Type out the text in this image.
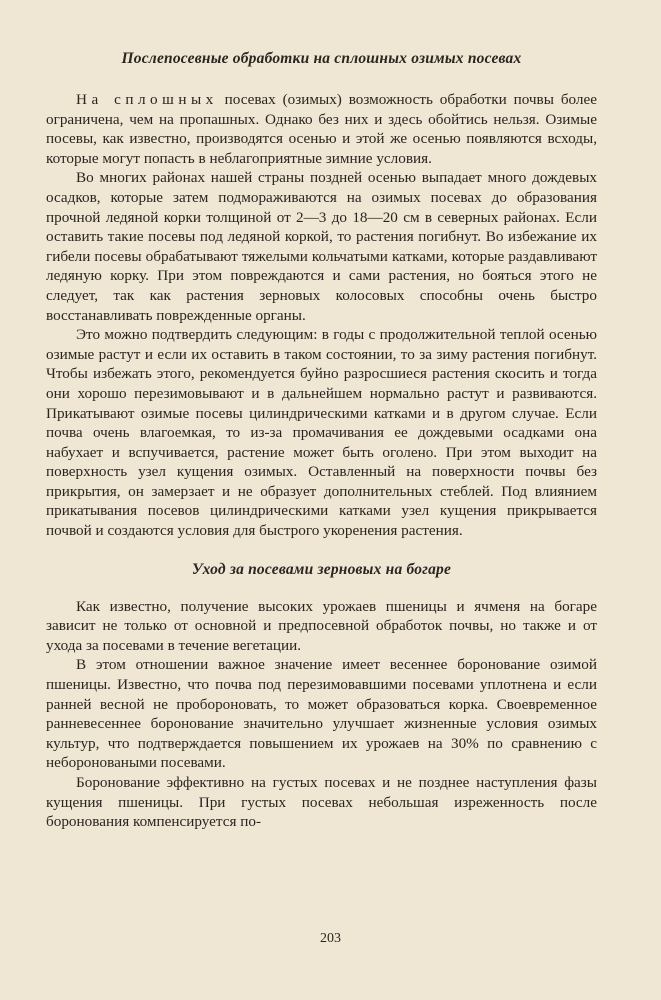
Послепосевные обработки на сплошных озимых посевах

На сплошных посевах (озимых) возможность обработки почвы более ограничена, чем на пропашных. Однако без них и здесь обойтись нельзя. Озимые посевы, как известно, производятся осенью и этой же осенью появляются всходы, которые могут попасть в неблагоприятные зимние условия.

Во многих районах нашей страны поздней осенью выпадает много дождевых осадков, которые затем подмораживаются на озимых посевах до образования прочной ледяной корки толщиной от 2—3 до 18—20 см в северных районах. Если оставить такие посевы под ледяной коркой, то растения погибнут. Во избежание их гибели посевы обрабатывают тяжелыми кольчатыми катками, которые раздавливают ледяную корку. При этом повреждаются и сами растения, но бояться этого не следует, так как растения зерновых колосовых способны очень быстро восстанавливать поврежденные органы.

Это можно подтвердить следующим: в годы с продолжительной теплой осенью озимые растут и если их оставить в таком состоянии, то за зиму растения погибнут. Чтобы избежать этого, рекомендуется буйно разросшиеся растения скосить и тогда они хорошо перезимовывают и в дальнейшем нормально растут и развиваются. Прикатывают озимые посевы цилиндрическими катками и в другом случае. Если почва очень влагоемкая, то из-за промачивания ее дождевыми осадками она набухает и вспучивается, растение может быть оголено. При этом выходит на поверхность узел кущения озимых. Оставленный на поверхности почвы без прикрытия, он замерзает и не образует дополнительных стеблей. Под влиянием прикатывания посевов цилиндрическими катками узел кущения прикрывается почвой и создаются условия для быстрого укоренения растения.

Уход за посевами зерновых на богаре

Как известно, получение высоких урожаев пшеницы и ячменя на богаре зависит не только от основной и предпосевной обработок почвы, но также и от ухода за посевами в течение вегетации.

В этом отношении важное значение имеет весеннее боронование озимой пшеницы. Известно, что почва под перезимовавшими посевами уплотнена и если ранней весной не пробороновать, то может образоваться корка. Своевременное ранневесеннее боронование значительно улучшает жизненные условия озимых культур, что подтверждается повышением их урожаев на 30% по сравнению с небороноваными посевами.

Боронование эффективно на густых посевах и не позднее наступления фазы кущения пшеницы. При густых посевах небольшая изреженность после боронования компенсируется по-

203
